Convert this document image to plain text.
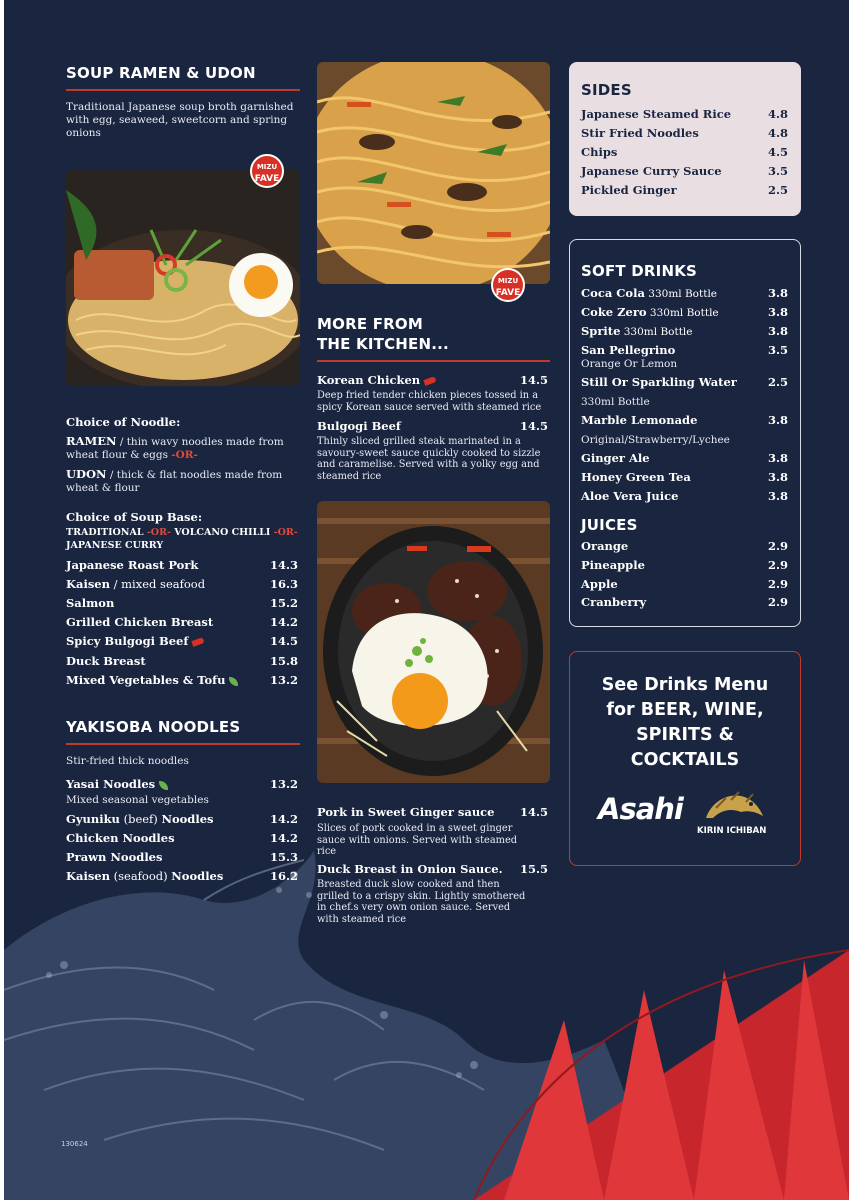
SOUP RAMEN & UDON
Traditional Japanese soup broth garnished with egg, seaweed, sweetcorn and spring onions
MIZU
FAVE
Choice of Noodle:
RAMEN / thin wavy noodles made from wheat flour & eggs -OR-
UDON / thick & flat noodles made from wheat & flour
Choice of Soup Base:
TRADITIONAL -OR- VOLCANO CHILLI -OR-
JAPANESE CURRY
Japanese Roast Pork	14.3
Kaisen / mixed seafood	16.3
Salmon	15.2
Grilled Chicken Breast	14.2
Spicy Bulgogi Beef	14.5
Duck Breast	15.8
Mixed Vegetables & Tofu	13.2
YAKISOBA NOODLES
Stir-fried thick noodles
Yasai Noodles	13.2
Mixed seasonal vegetables
Gyuniku (beef) Noodles	14.2
Chicken Noodles	14.2
Prawn Noodles	15.3
Kaisen (seafood) Noodles	16.2
MIZU
FAVE
MORE FROM
THE KITCHEN...
Korean Chicken	14.5
Deep fried tender chicken pieces tossed in a spicy Korean sauce served with steamed rice
Bulgogi Beef	14.5
Thinly sliced grilled steak marinated in a savoury-sweet sauce quickly cooked to sizzle and caramelise. Served with a yolky egg and steamed rice
Pork in Sweet Ginger sauce 14.5
Slices of pork cooked in a sweet ginger sauce with onions. Served with steamed rice
Duck Breast in Onion Sauce. 15.5
Breasted duck slow cooked and then grilled to a crispy skin. Lightly smothered in chef.s very own onion sauce. Served with steamed rice
SIDES
Japanese Steamed Rice	4.8
Stir Fried Noodles	4.8
Chips	4.5
Japanese Curry Sauce	3.5
Pickled Ginger	2.5
SOFT DRINKS
Coca Cola 330ml Bottle	3.8
Coke Zero 330ml Bottle	3.8
Sprite 330ml Bottle	3.8
San Pellegrino	3.5
Orange Or Lemon
Still Or Sparkling Water	2.5
330ml Bottle
Marble Lemonade	3.8
Original/Strawberry/Lychee
Ginger Ale	3.8
Honey Green Tea	3.8
Aloe Vera Juice	3.8
JUICES
Orange	2.9
Pineapple	2.9
Apple	2.9
Cranberry	2.9
See Drinks Menu
for BEER, WINE,
SPIRITS &
COCKTAILS
Asahi
KIRIN ICHIBAN
130624
